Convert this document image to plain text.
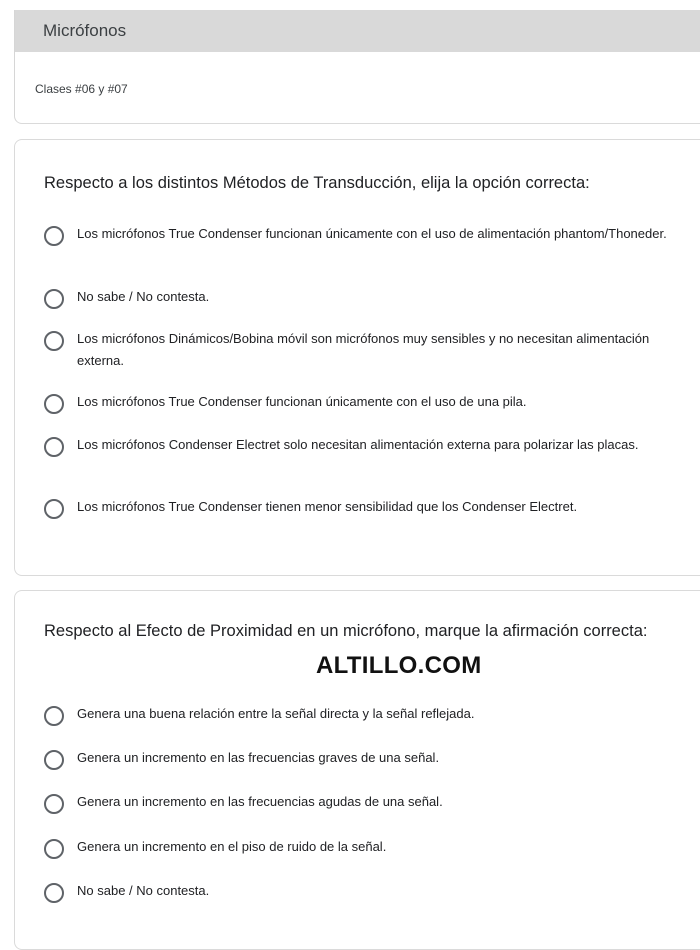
Micrófonos
Clases #06 y #07
Respecto a los distintos Métodos de Transducción, elija la opción correcta:
Los micrófonos True Condenser funcionan únicamente con el uso de alimentación phantom/Thoneder.
No sabe / No contesta.
Los micrófonos Dinámicos/Bobina móvil son micrófonos muy sensibles y no necesitan alimentación externa.
Los micrófonos True Condenser funcionan únicamente con el uso de una pila.
Los micrófonos Condenser Electret solo necesitan alimentación externa para polarizar las placas.
Los micrófonos True Condenser tienen menor sensibilidad que los Condenser Electret.
Respecto al Efecto de Proximidad en un micrófono, marque la afirmación correcta:
Genera una buena relación entre la señal directa y la señal reflejada.
Genera un incremento en las frecuencias graves de una señal.
Genera un incremento en las frecuencias agudas de una señal.
Genera un incremento en el piso de ruido de la señal.
No sabe / No contesta.
ALTILLO.COM
